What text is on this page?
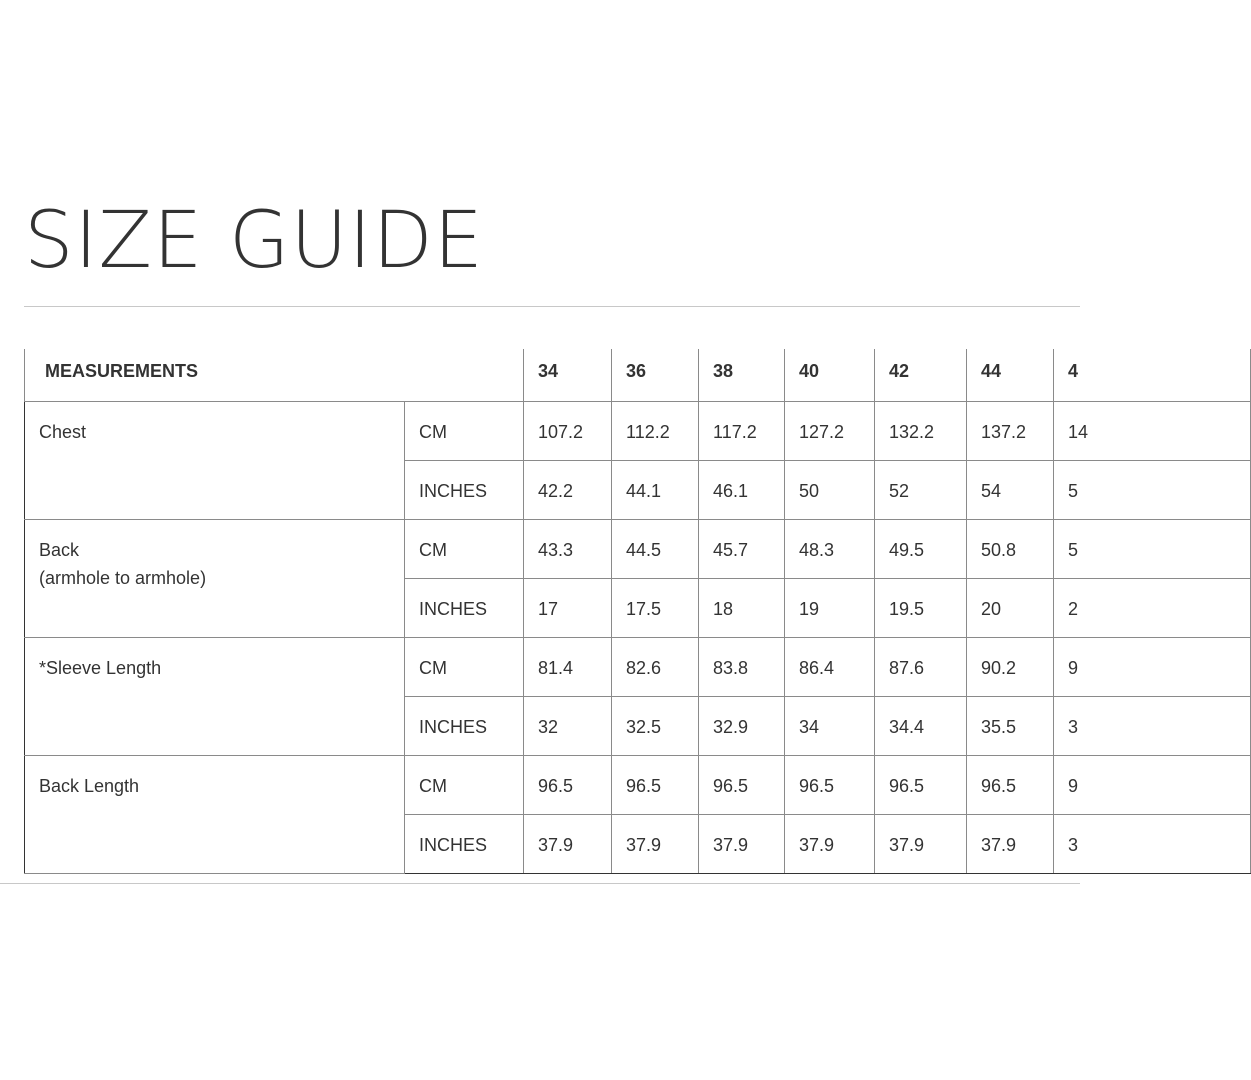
SIZE GUIDE
MEASUREMENTS		34	36	38	40	42	44	4

Chest	CM	107.2	112.2	117.2	127.2	132.2	137.2	14
	INCHES	42.2	44.1	46.1	50	52	54	5

Back
(armhole to armhole)	CM	43.3	44.5	45.7	48.3	49.5	50.8	5
	INCHES	17	17.5	18	19	19.5	20	2

*Sleeve Length	CM	81.4	82.6	83.8	86.4	87.6	90.2	9
	INCHES	32	32.5	32.9	34	34.4	35.5	3

Back Length	CM	96.5	96.5	96.5	96.5	96.5	96.5	9
	INCHES	37.9	37.9	37.9	37.9	37.9	37.9	3
